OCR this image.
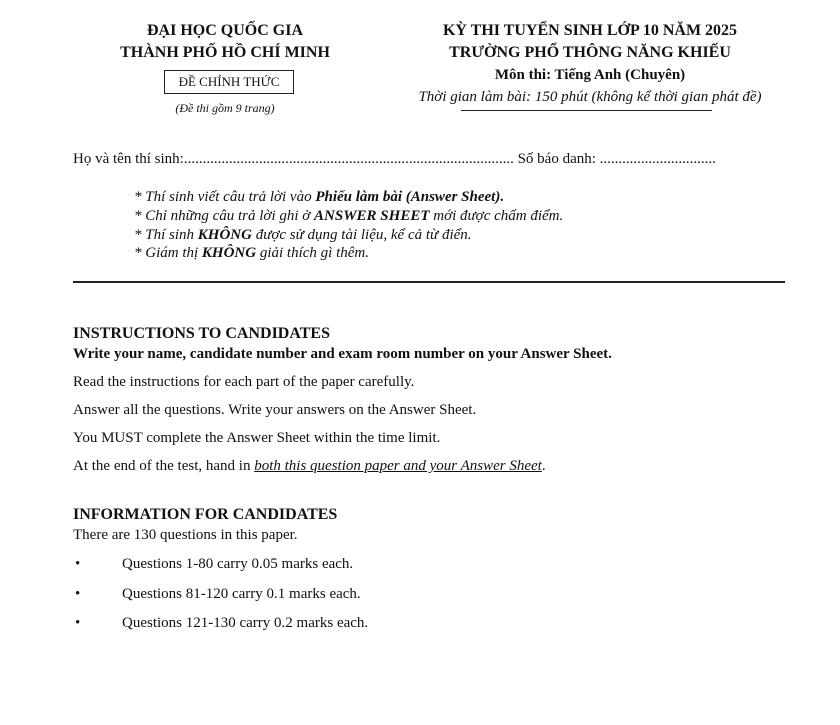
ĐẠI HỌC QUỐC GIA
THÀNH PHỐ HỒ CHÍ MINH
ĐỀ CHÍNH THỨC
(Đề thi gồm 9 trang)
KỲ THI TUYỂN SINH LỚP 10 NĂM 2025
TRƯỜNG PHỔ THÔNG NĂNG KHIẾU
Môn thi: Tiếng Anh (Chuyên)
Thời gian làm bài: 150 phút (không kể thời gian phát đề)
Họ và tên thí sinh:........................................................................................ Số báo danh: ...............................
* Thí sinh viết câu trả lời vào Phiếu làm bài (Answer Sheet).
* Chỉ những câu trả lời ghi ở ANSWER SHEET mới được chấm điểm.
* Thí sinh KHÔNG được sử dụng tài liệu, kể cả từ điển.
* Giám thị KHÔNG giải thích gì thêm.
INSTRUCTIONS TO CANDIDATES
Write your name, candidate number and exam room number on your Answer Sheet.
Read the instructions for each part of the paper carefully.
Answer all the questions. Write your answers on the Answer Sheet.
You MUST complete the Answer Sheet within the time limit.
At the end of the test, hand in both this question paper and your Answer Sheet.
INFORMATION FOR CANDIDATES
There are 130 questions in this paper.
•	Questions 1-80 carry 0.05 marks each.
•	Questions 81-120 carry 0.1 marks each.
•	Questions 121-130 carry 0.2 marks each.
